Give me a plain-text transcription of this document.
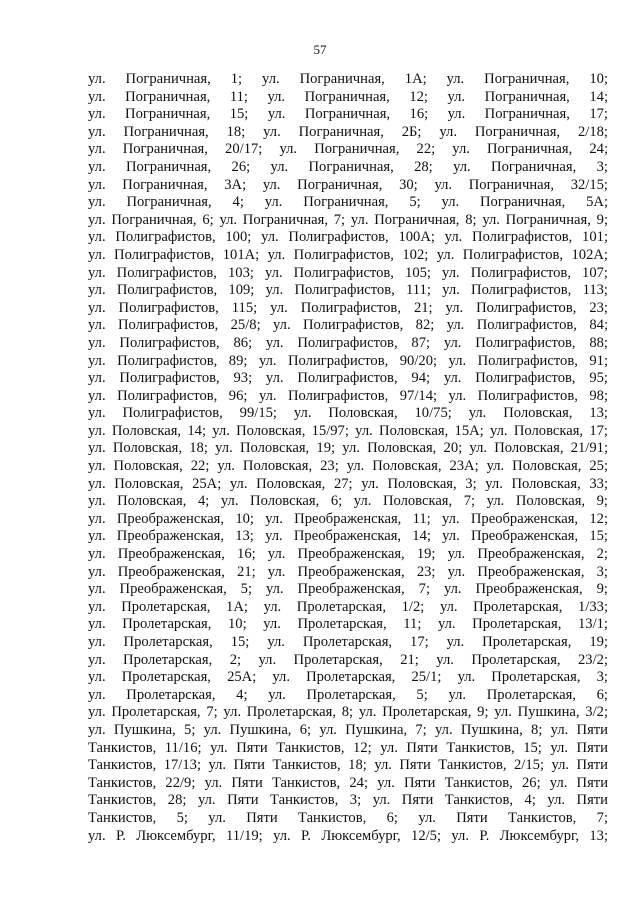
57
ул. Пограничная, 1; ул. Пограничная, 1А; ул. Пограничная, 10;
ул. Пограничная, 11; ул. Пограничная, 12; ул. Пограничная, 14;
ул. Пограничная, 15; ул. Пограничная, 16; ул. Пограничная, 17;
ул. Пограничная, 18; ул. Пограничная, 2Б; ул. Пограничная, 2/18;
ул. Пограничная, 20/17; ул. Пограничная, 22; ул. Пограничная, 24;
ул. Пограничная, 26; ул. Пограничная, 28; ул. Пограничная, 3;
ул. Пограничная, 3А; ул. Пограничная, 30; ул. Пограничная, 32/15;
ул. Пограничная, 4; ул. Пограничная, 5; ул. Пограничная, 5А;
ул. Пограничная, 6; ул. Пограничная, 7; ул. Пограничная, 8; ул. Пограничная, 9;
ул. Полиграфистов, 100; ул. Полиграфистов, 100А; ул. Полиграфистов, 101;
ул. Полиграфистов, 101А; ул. Полиграфистов, 102; ул. Полиграфистов, 102А;
ул. Полиграфистов, 103; ул. Полиграфистов, 105; ул. Полиграфистов, 107;
ул. Полиграфистов, 109; ул. Полиграфистов, 111; ул. Полиграфистов, 113;
ул. Полиграфистов, 115; ул. Полиграфистов, 21; ул. Полиграфистов, 23;
ул. Полиграфистов, 25/8; ул. Полиграфистов, 82; ул. Полиграфистов, 84;
ул. Полиграфистов, 86; ул. Полиграфистов, 87; ул. Полиграфистов, 88;
ул. Полиграфистов, 89; ул. Полиграфистов, 90/20; ул. Полиграфистов, 91;
ул. Полиграфистов, 93; ул. Полиграфистов, 94; ул. Полиграфистов, 95;
ул. Полиграфистов, 96; ул. Полиграфистов, 97/14; ул. Полиграфистов, 98;
ул. Полиграфистов, 99/15; ул. Половская, 10/75; ул. Половская, 13;
ул. Половская, 14; ул. Половская, 15/97; ул. Половская, 15А; ул. Половская, 17;
ул. Половская, 18; ул. Половская, 19; ул. Половская, 20; ул. Половская, 21/91;
ул. Половская, 22; ул. Половская, 23; ул. Половская, 23А; ул. Половская, 25;
ул. Половская, 25А; ул. Половская, 27; ул. Половская, 3; ул. Половская, 33;
ул. Половская, 4; ул. Половская, 6; ул. Половская, 7; ул. Половская, 9;
ул. Преображенская, 10; ул. Преображенская, 11; ул. Преображенская, 12;
ул. Преображенская, 13; ул. Преображенская, 14; ул. Преображенская, 15;
ул. Преображенская, 16; ул. Преображенская, 19; ул. Преображенская, 2;
ул. Преображенская, 21; ул. Преображенская, 23; ул. Преображенская, 3;
ул. Преображенская, 5; ул. Преображенская, 7; ул. Преображенская, 9;
ул. Пролетарская, 1А; ул. Пролетарская, 1/2; ул. Пролетарская, 1/33;
ул. Пролетарская, 10; ул. Пролетарская, 11; ул. Пролетарская, 13/1;
ул. Пролетарская, 15; ул. Пролетарская, 17; ул. Пролетарская, 19;
ул. Пролетарская, 2; ул. Пролетарская, 21; ул. Пролетарская, 23/2;
ул. Пролетарская, 25А; ул. Пролетарская, 25/1; ул. Пролетарская, 3;
ул. Пролетарская, 4; ул. Пролетарская, 5; ул. Пролетарская, 6;
ул. Пролетарская, 7; ул. Пролетарская, 8; ул. Пролетарская, 9; ул. Пушкина, 3/2;
ул. Пушкина, 5; ул. Пушкина, 6; ул. Пушкина, 7; ул. Пушкина, 8; ул. Пяти
Танкистов, 11/16; ул. Пяти Танкистов, 12; ул. Пяти Танкистов, 15; ул. Пяти
Танкистов, 17/13; ул. Пяти Танкистов, 18; ул. Пяти Танкистов, 2/15; ул. Пяти
Танкистов, 22/9; ул. Пяти Танкистов, 24; ул. Пяти Танкистов, 26; ул. Пяти
Танкистов, 28; ул. Пяти Танкистов, 3; ул. Пяти Танкистов, 4; ул. Пяти
Танкистов, 5; ул. Пяти Танкистов, 6; ул. Пяти Танкистов, 7;
ул. Р. Люксембург, 11/19; ул. Р. Люксембург, 12/5; ул. Р. Люксембург, 13;
